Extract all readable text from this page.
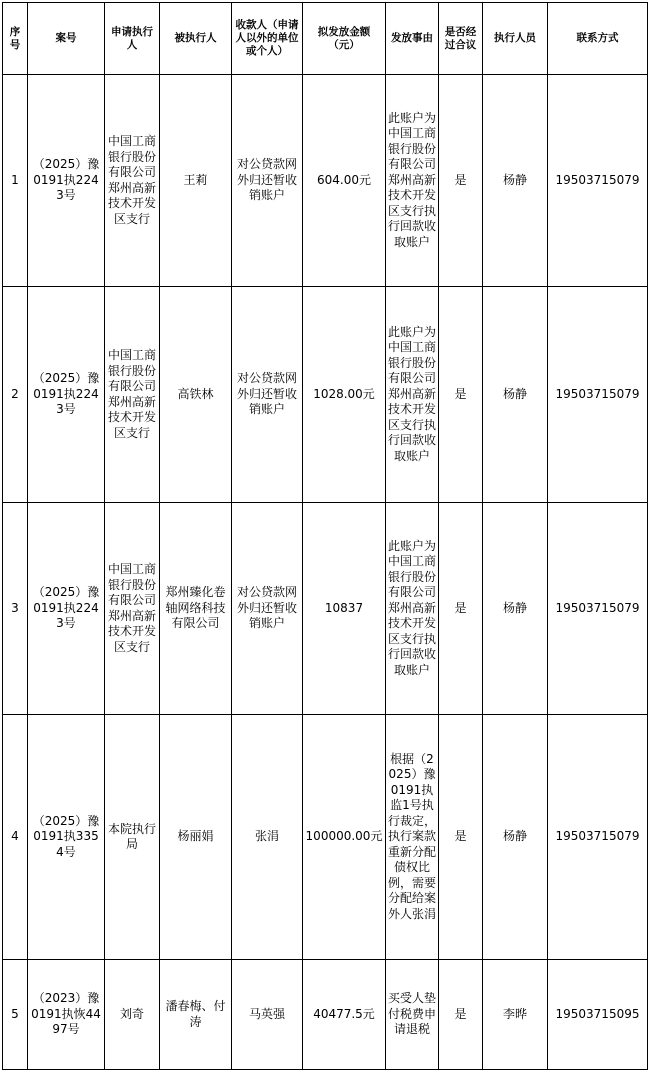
序号	案号	申请执行人	被执行人	收款人（申请人以外的单位或个人）	拟发放金额（元）	发放事由	是否经过合议	执行人员	联系方式
1	（2025）豫0191执2243号	中国工商银行股份有限公司郑州高新技术开发区支行	王莉	对公贷款网外归还暂收销账户	604.00元	此账户为中国工商银行股份有限公司郑州高新技术开发区支行执行回款收取账户	是	杨静	19503715079
2	（2025）豫0191执2243号	中国工商银行股份有限公司郑州高新技术开发区支行	高铁林	对公贷款网外归还暂收销账户	1028.00元	此账户为中国工商银行股份有限公司郑州高新技术开发区支行执行回款收取账户	是	杨静	19503715079
3	（2025）豫0191执2243号	中国工商银行股份有限公司郑州高新技术开发区支行	郑州臻化卷轴网络科技有限公司	对公贷款网外归还暂收销账户	10837	此账户为中国工商银行股份有限公司郑州高新技术开发区支行执行回款收取账户	是	杨静	19503715079
4	（2025）豫0191执3354号	本院执行局	杨丽娟	张涓	100000.00元	根据（2025）豫0191执监1号执行裁定，执行案款重新分配债权比例，需要分配给案外人张涓	是	杨静	19503715079
5	（2023）豫0191执恢4497号	刘奇	潘春梅、付涛	马英强	40477.5元	买受人垫付税费申请退税	是	李晔	19503715095
